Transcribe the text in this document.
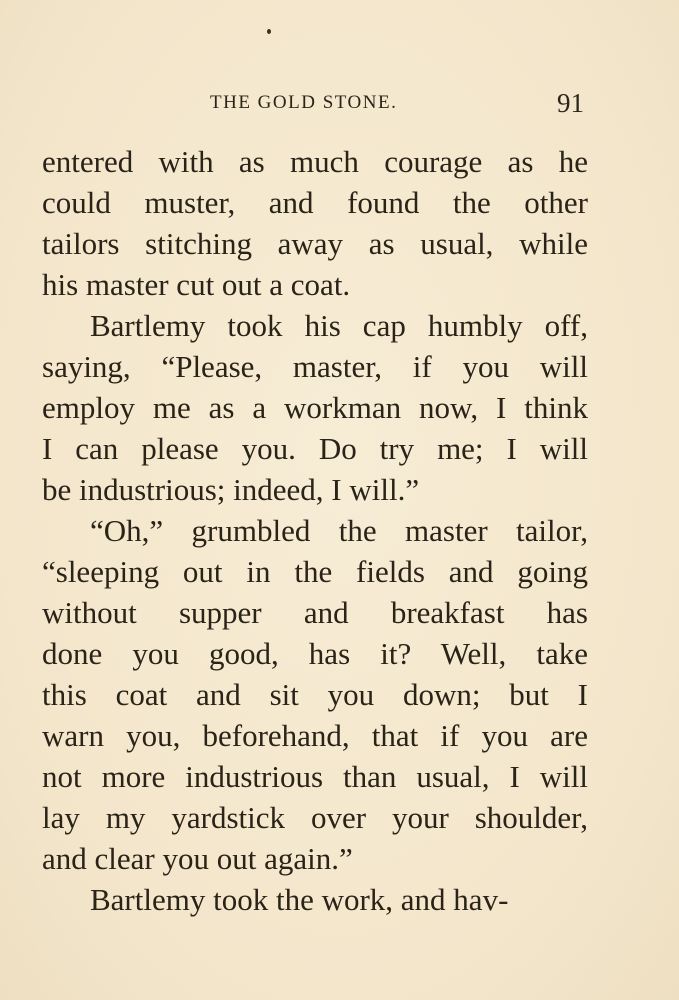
THE GOLD STONE.	91
entered with as much courage as he
could muster, and found the other
tailors stitching away as usual, while
his master cut out a coat.
Bartlemy took his cap humbly off,
saying, “Please, master, if you will
employ me as a workman now, I think
I can please you. Do try me; I will
be industrious; indeed, I will.”
“Oh,” grumbled the master tailor,
“sleeping out in the fields and going
without supper and breakfast has
done you good, has it? Well, take
this coat and sit you down; but I
warn you, beforehand, that if you are
not more industrious than usual, I will
lay my yardstick over your shoulder,
and clear you out again.”
Bartlemy took the work, and hav-
